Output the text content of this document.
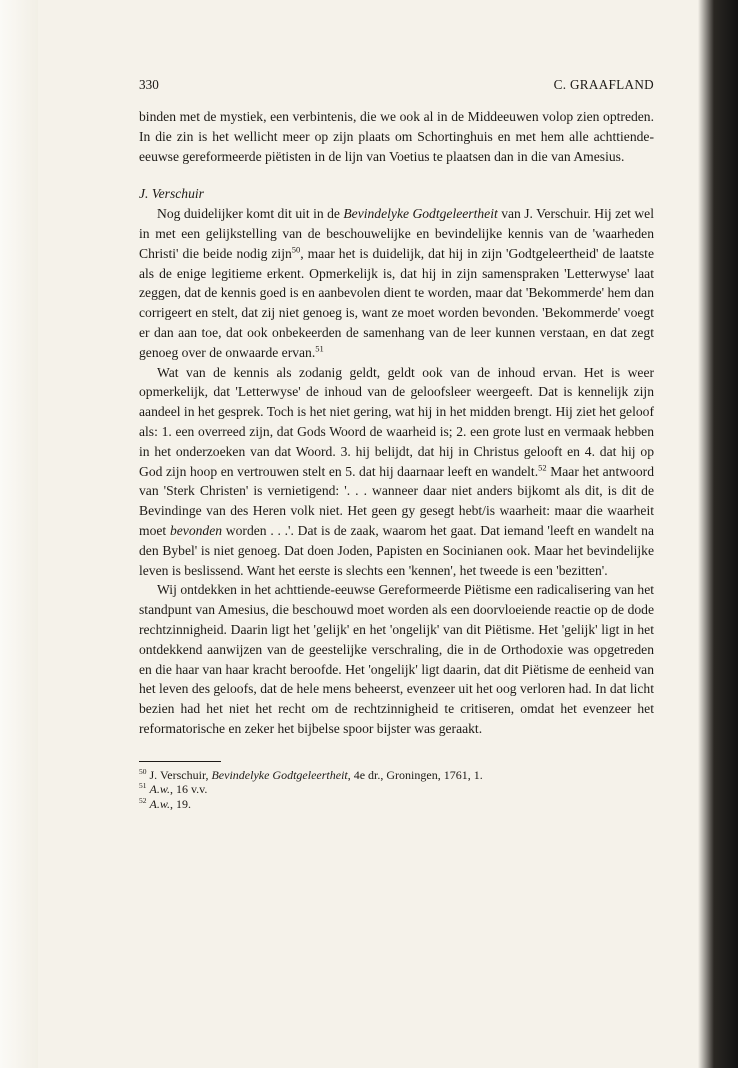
330	C. GRAAFLAND

binden met de mystiek, een verbintenis, die we ook al in de Middeeuwen volop zien optreden. In die zin is het wellicht meer op zijn plaats om Schortinghuis en met hem alle achttiende-eeuwse gereformeerde piëtisten in de lijn van Voetius te plaatsen dan in die van Amesius.

J. Verschuir

Nog duidelijker komt dit uit in de Bevindelyke Godtgeleertheit van J. Verschuir. Hij zet wel in met een gelijkstelling van de beschouwelijke en bevindelijke kennis van de 'waarheden Christi' die beide nodig zijn$^{50}$, maar het is duidelijk, dat hij in zijn 'Godtgeleertheid' de laatste als de enige legitieme erkent. Opmerkelijk is, dat hij in zijn samenspraken 'Letterwyse' laat zeggen, dat de kennis goed is en aanbevolen dient te worden, maar dat 'Bekommerde' hem dan corrigeert en stelt, dat zij niet genoeg is, want ze moet worden bevonden. 'Bekommerde' voegt er dan aan toe, dat ook onbekeerden de samenhang van de leer kunnen verstaan, en dat zegt genoeg over de onwaarde ervan.$^{51}$

Wat van de kennis als zodanig geldt, geldt ook van de inhoud ervan. Het is weer opmerkelijk, dat 'Letterwyse' de inhoud van de geloofsleer weergeeft. Dat is kennelijk zijn aandeel in het gesprek. Toch is het niet gering, wat hij in het midden brengt. Hij ziet het geloof als: 1. een overreed zijn, dat Gods Woord de waarheid is; 2. een grote lust en vermaak hebben in het onderzoeken van dat Woord. 3. hij belijdt, dat hij in Christus gelooft en 4. dat hij op God zijn hoop en vertrouwen stelt en 5. dat hij daarnaar leeft en wandelt.$^{52}$ Maar het antwoord van 'Sterk Christen' is vernietigend: '. . . wanneer daar niet anders bijkomt als dit, is dit de Bevindinge van des Heren volk niet. Het geen gy gesegt hebt/is waarheit: maar die waarheit moet bevonden worden . . .'. Dat is de zaak, waarom het gaat. Dat iemand 'leeft en wandelt na den Bybel' is niet genoeg. Dat doen Joden, Papisten en Socinianen ook. Maar het bevindelijke leven is beslissend. Want het eerste is slechts een 'kennen', het tweede is een 'bezitten'.

Wij ontdekken in het achttiende-eeuwse Gereformeerde Piëtisme een radicalisering van het standpunt van Amesius, die beschouwd moet worden als een doorvloeiende reactie op de dode rechtzinnigheid. Daarin ligt het 'gelijk' en het 'ongelijk' van dit Piëtisme. Het 'gelijk' ligt in het ontdekkend aanwijzen van de geestelijke verschraling, die in de Orthodoxie was opgetreden en die haar van haar kracht beroofde. Het 'ongelijk' ligt daarin, dat dit Piëtisme de eenheid van het leven des geloofs, dat de hele mens beheerst, evenzeer uit het oog verloren had. In dat licht bezien had het niet het recht om de rechtzinnigheid te critiseren, omdat het evenzeer het reformatorische en zeker het bijbelse spoor bijster was geraakt.

$^{50}$ J. Verschuir, Bevindelyke Godtgeleertheit, 4e dr., Groningen, 1761, 1.
$^{51}$ A.w., 16 v.v.
$^{52}$ A.w., 19.
